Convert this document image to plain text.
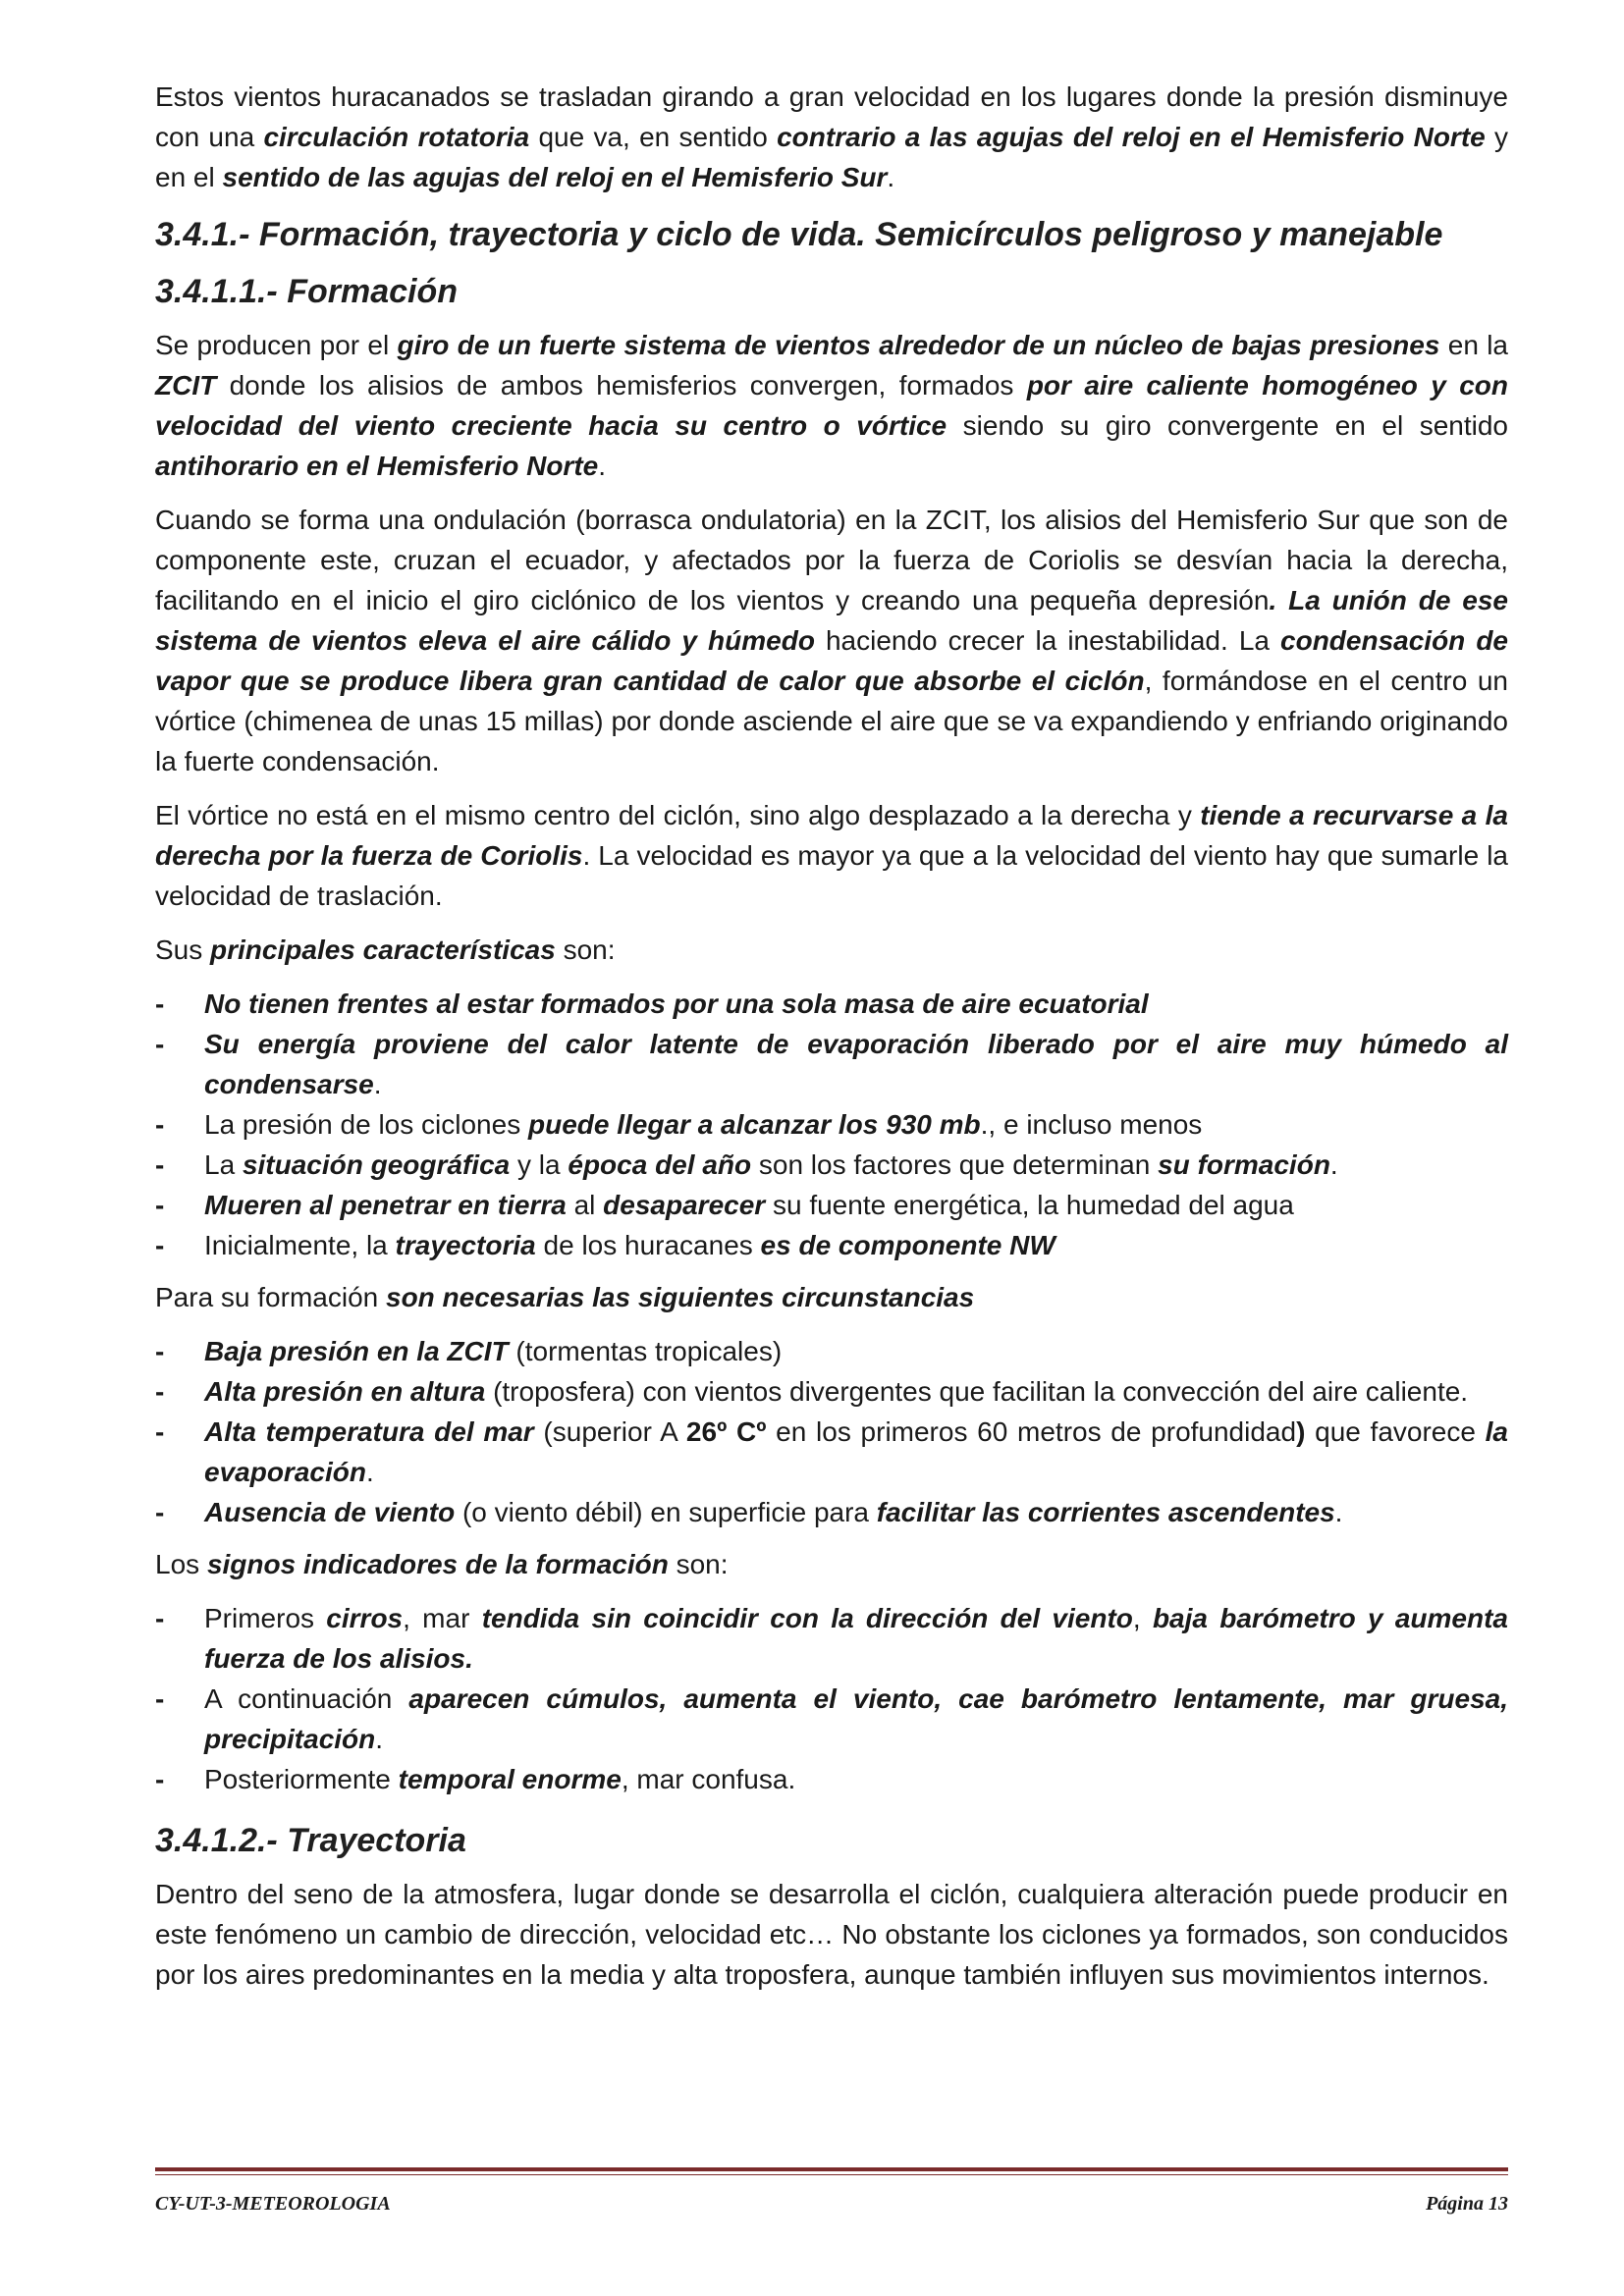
Estos vientos huracanados se trasladan girando a gran velocidad en los lugares donde la presión disminuye con una circulación rotatoria que va, en sentido contrario a las agujas del reloj en el Hemisferio Norte y en el sentido de las agujas del reloj en el Hemisferio Sur.

3.4.1.- Formación, trayectoria y ciclo de vida. Semicírculos peligroso y manejable
3.4.1.1.- Formación

Se producen por el giro de un fuerte sistema de vientos alrededor de un núcleo de bajas presiones en la ZCIT donde los alisios de ambos hemisferios convergen, formados por aire caliente homogéneo y con velocidad del viento creciente hacia su centro o vórtice siendo su giro convergente en el sentido antihorario en el Hemisferio Norte.

Cuando se forma una ondulación (borrasca ondulatoria) en la ZCIT, los alisios del Hemisferio Sur que son de componente este, cruzan el ecuador, y afectados por la fuerza de Coriolis se desvían hacia la derecha, facilitando en el inicio el giro ciclónico de los vientos y creando una pequeña depresión. La unión de ese sistema de vientos eleva el aire cálido y húmedo haciendo crecer la inestabilidad. La condensación de vapor que se produce libera gran cantidad de calor que absorbe el ciclón, formándose en el centro un vórtice (chimenea de unas 15 millas) por donde asciende el aire que se va expandiendo y enfriando originando la fuerte condensación.

El vórtice no está en el mismo centro del ciclón, sino algo desplazado a la derecha y tiende a recurvarse a la derecha por la fuerza de Coriolis. La velocidad es mayor ya que a la velocidad del viento hay que sumarle la velocidad de traslación.

Sus principales características son:

- No tienen frentes al estar formados por una sola masa de aire ecuatorial
- Su energía proviene del calor latente de evaporación liberado por el aire muy húmedo al condensarse.
- La presión de los ciclones puede llegar a alcanzar los 930 mb., e incluso menos
- La situación geográfica y la época del año son los factores que determinan su formación.
- Mueren al penetrar en tierra al desaparecer su fuente energética, la humedad del agua
- Inicialmente, la trayectoria de los huracanes es de componente NW

Para su formación son necesarias las siguientes circunstancias

- Baja presión en la ZCIT (tormentas tropicales)
- Alta presión en altura (troposfera) con vientos divergentes que facilitan la convección del aire caliente.
- Alta temperatura del mar (superior A 26º Cº en los primeros 60 metros de profundidad) que favorece la evaporación.
- Ausencia de viento (o viento débil) en superficie para facilitar las corrientes ascendentes.

Los signos indicadores de la formación son:

- Primeros cirros, mar tendida sin coincidir con la dirección del viento, baja barómetro y aumenta fuerza de los alisios.
- A continuación aparecen cúmulos, aumenta el viento, cae barómetro lentamente, mar gruesa, precipitación.
- Posteriormente temporal enorme, mar confusa.
3.4.1.2.- Trayectoria

Dentro del seno de la atmosfera, lugar donde se desarrolla el ciclón, cualquiera alteración puede producir en este fenómeno un cambio de dirección, velocidad etc… No obstante los ciclones ya formados, son conducidos por los aires predominantes en la media y alta troposfera, aunque también influyen sus movimientos internos.

CY-UT-3-METEOROLOGIA	Página 13
